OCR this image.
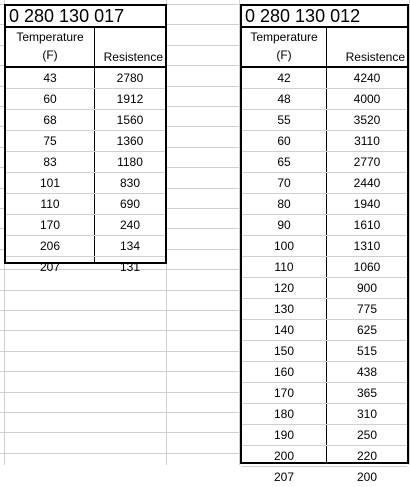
0 280 130 017
Temperature
(F)	Resistence
43	2780
60	1912
68	1560
75	1360
83	1180
101	830
110	690
170	240
206	134
207	131
0 280 130 012
Temperature
(F)	Resistence
42	4240
48	4000
55	3520
60	3110
65	2770
70	2440
80	1940
90	1610
100	1310
110	1060
120	900
130	775
140	625
150	515
160	438
170	365
180	310
190	250
200	220
207	200
